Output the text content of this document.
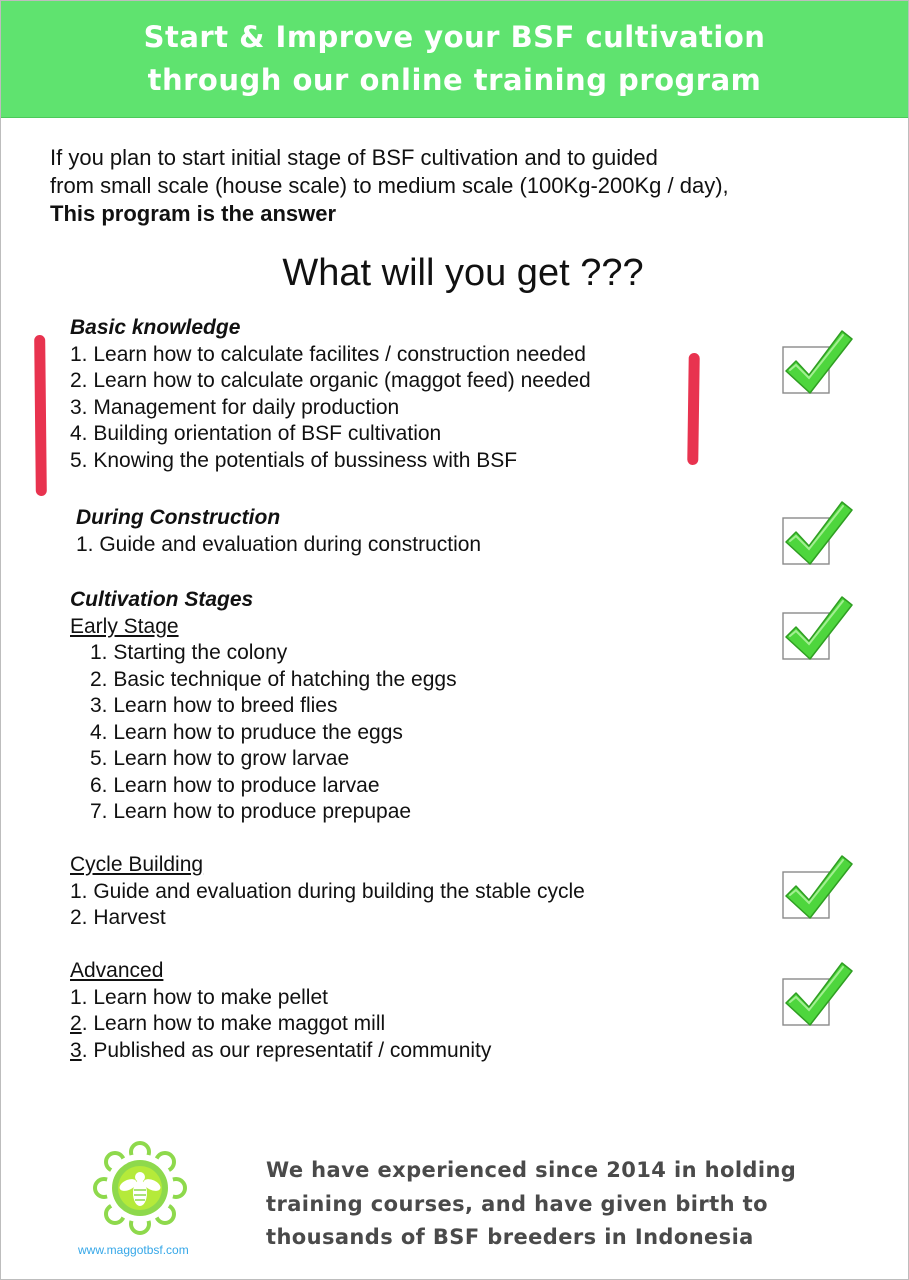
Start & Improve your BSF cultivation
through our online training program
If you plan to start initial stage of BSF cultivation and to guided
from small scale (house scale) to medium scale (100Kg-200Kg / day),
This program is the answer
What will you get ???
Basic knowledge
1. Learn how to calculate facilites / construction needed
2. Learn how to calculate organic (maggot feed) needed
3. Management for daily production
4. Building orientation of BSF cultivation
5. Knowing the potentials of bussiness with BSF
During Construction
1. Guide and evaluation during construction
Cultivation Stages
Early Stage
1. Starting the colony
2. Basic technique of hatching the eggs
3. Learn how to breed flies
4. Learn how to pruduce the eggs
5. Learn how to grow larvae
6. Learn how to produce larvae
7. Learn how to produce prepupae
Cycle Building
1. Guide and evaluation during building the stable cycle
2. Harvest
Advanced
1. Learn how to make pellet
2. Learn how to make maggot mill
3. Published as our representatif / community
www.maggotbsf.com
We have experienced since 2014 in holding
training courses, and have given birth to
thousands of BSF breeders in Indonesia
